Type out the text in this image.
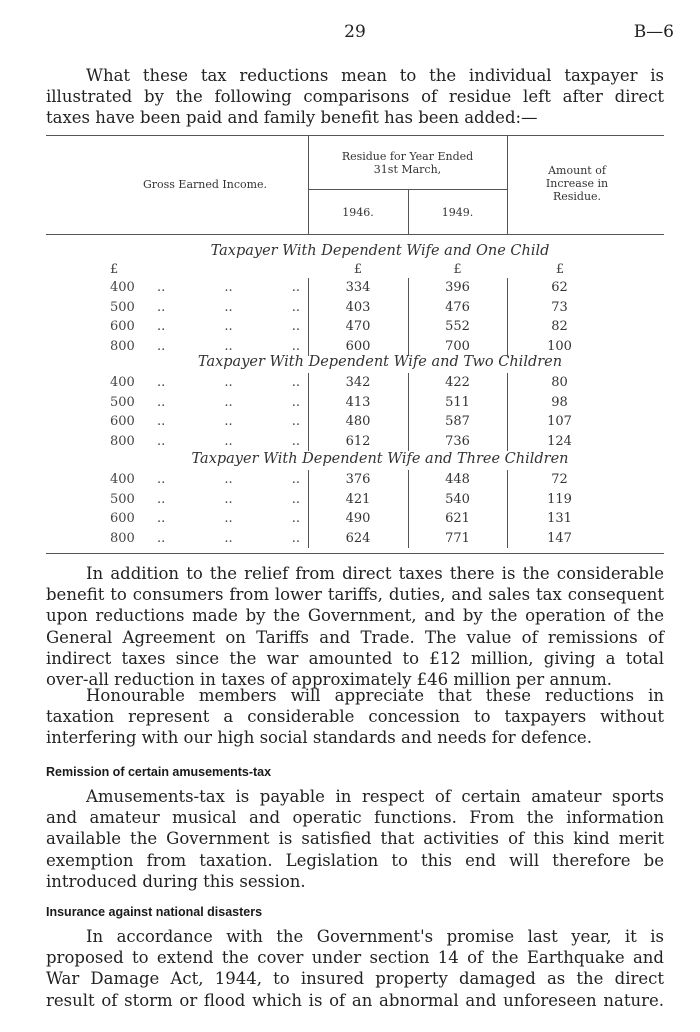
29	B—6
What these tax reductions mean to the individual taxpayer is
illustrated by the following comparisons of residue left after direct
taxes have been paid and family benefit has been added:—
Gross Earned Income.
Residue for Year Ended
31st March,
1946.	1949.
Amount of
Increase in
Residue.
£	£	£	£
Taxpayer With Dependent Wife and One Child
400	..	..	..	334	396	62
500	..	..	..	403	476	73
600	..	..	..	470	552	82
800	..	..	..	600	700	100
Taxpayer With Dependent Wife and Two Children
400	..	..	..	342	422	80
500	..	..	..	413	511	98
600	..	..	..	480	587	107
800	..	..	..	612	736	124
Taxpayer With Dependent Wife and Three Children
400	..	..	..	376	448	72
500	..	..	..	421	540	119
600	..	..	..	490	621	131
800	..	..	..	624	771	147
In addition to the relief from direct taxes there is the considerable
benefit to consumers from lower tariffs, duties, and sales tax consequent
upon reductions made by the Government, and by the operation of the
General Agreement on Tariffs and Trade. The value of remissions of
indirect taxes since the war amounted to £12 million, giving a total
over-all reduction in taxes of approximately £46 million per annum.
Honourable members will appreciate that these reductions in
taxation represent a considerable concession to taxpayers without
interfering with our high social standards and needs for defence.
Remission of certain amusements-tax
Amusements-tax is payable in respect of certain amateur sports
and amateur musical and operatic functions. From the information
available the Government is satisfied that activities of this kind merit
exemption from taxation. Legislation to this end will therefore be
introduced during this session.
Insurance against national disasters
In accordance with the Government's promise last year, it is
proposed to extend the cover under section 14 of the Earthquake and
War Damage Act, 1944, to insured property damaged as the direct
result of storm or flood which is of an abnormal and unforeseen nature.
